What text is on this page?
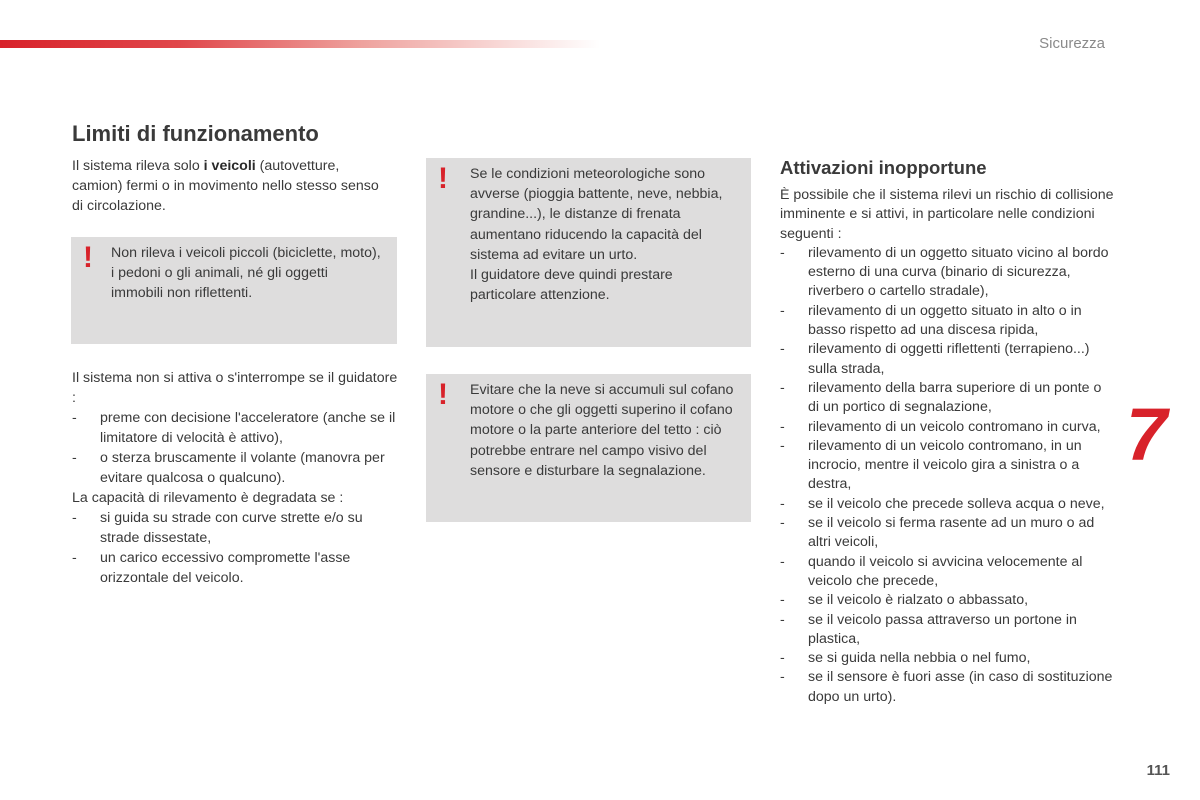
Sicurezza
Limiti di funzionamento
Il sistema rileva solo i veicoli (autovetture, camion) fermi o in movimento nello stesso senso di circolazione.
! Non rileva i veicoli piccoli (biciclette, moto), i pedoni o gli animali, né gli oggetti immobili non riflettenti.

Il sistema non si attiva o s'interrompe se il guidatore :

- preme con decisione l'acceleratore (anche se il limitatore di velocità è attivo),
- o sterza bruscamente il volante (manovra per evitare qualcosa o qualcuno).

La capacità di rilevamento è degradata se :

- si guida su strade con curve strette e/o su strade dissestate,
- un carico eccessivo compromette l'asse orizzontale del veicolo.
! Se le condizioni meteorologiche sono avverse (pioggia battente, neve, nebbia, grandine...), le distanze di frenata aumentano riducendo la capacità del sistema ad evitare un urto.
Il guidatore deve quindi prestare particolare attenzione.
! Evitare che la neve si accumuli sul cofano motore o che gli oggetti superino il cofano motore o la parte anteriore del tetto : ciò potrebbe entrare nel campo visivo del sensore e disturbare la segnalazione.
Attivazioni inopportune

È possibile che il sistema rilevi un rischio di collisione imminente e si attivi, in particolare nelle condizioni seguenti :

- rilevamento di un oggetto situato vicino al bordo esterno di una curva (binario di sicurezza, riverbero o cartello stradale),
- rilevamento di un oggetto situato in alto o in basso rispetto ad una discesa ripida,
- rilevamento di oggetti riflettenti (terrapieno...) sulla strada,
- rilevamento della barra superiore di un ponte o di un portico di segnalazione,
- rilevamento di un veicolo contromano in curva,
- rilevamento di un veicolo contromano, in un incrocio, mentre il veicolo gira a sinistra o a destra,
- se il veicolo che precede solleva acqua o neve,
- se il veicolo si ferma rasente ad un muro o ad altri veicoli,
- quando il veicolo si avvicina velocemente al veicolo che precede,
- se il veicolo è rialzato o abbassato,
- se il veicolo passa attraverso un portone in plastica,
- se si guida nella nebbia o nel fumo,
- se il sensore è fuori asse (in caso di sostituzione dopo un urto).
7
111
